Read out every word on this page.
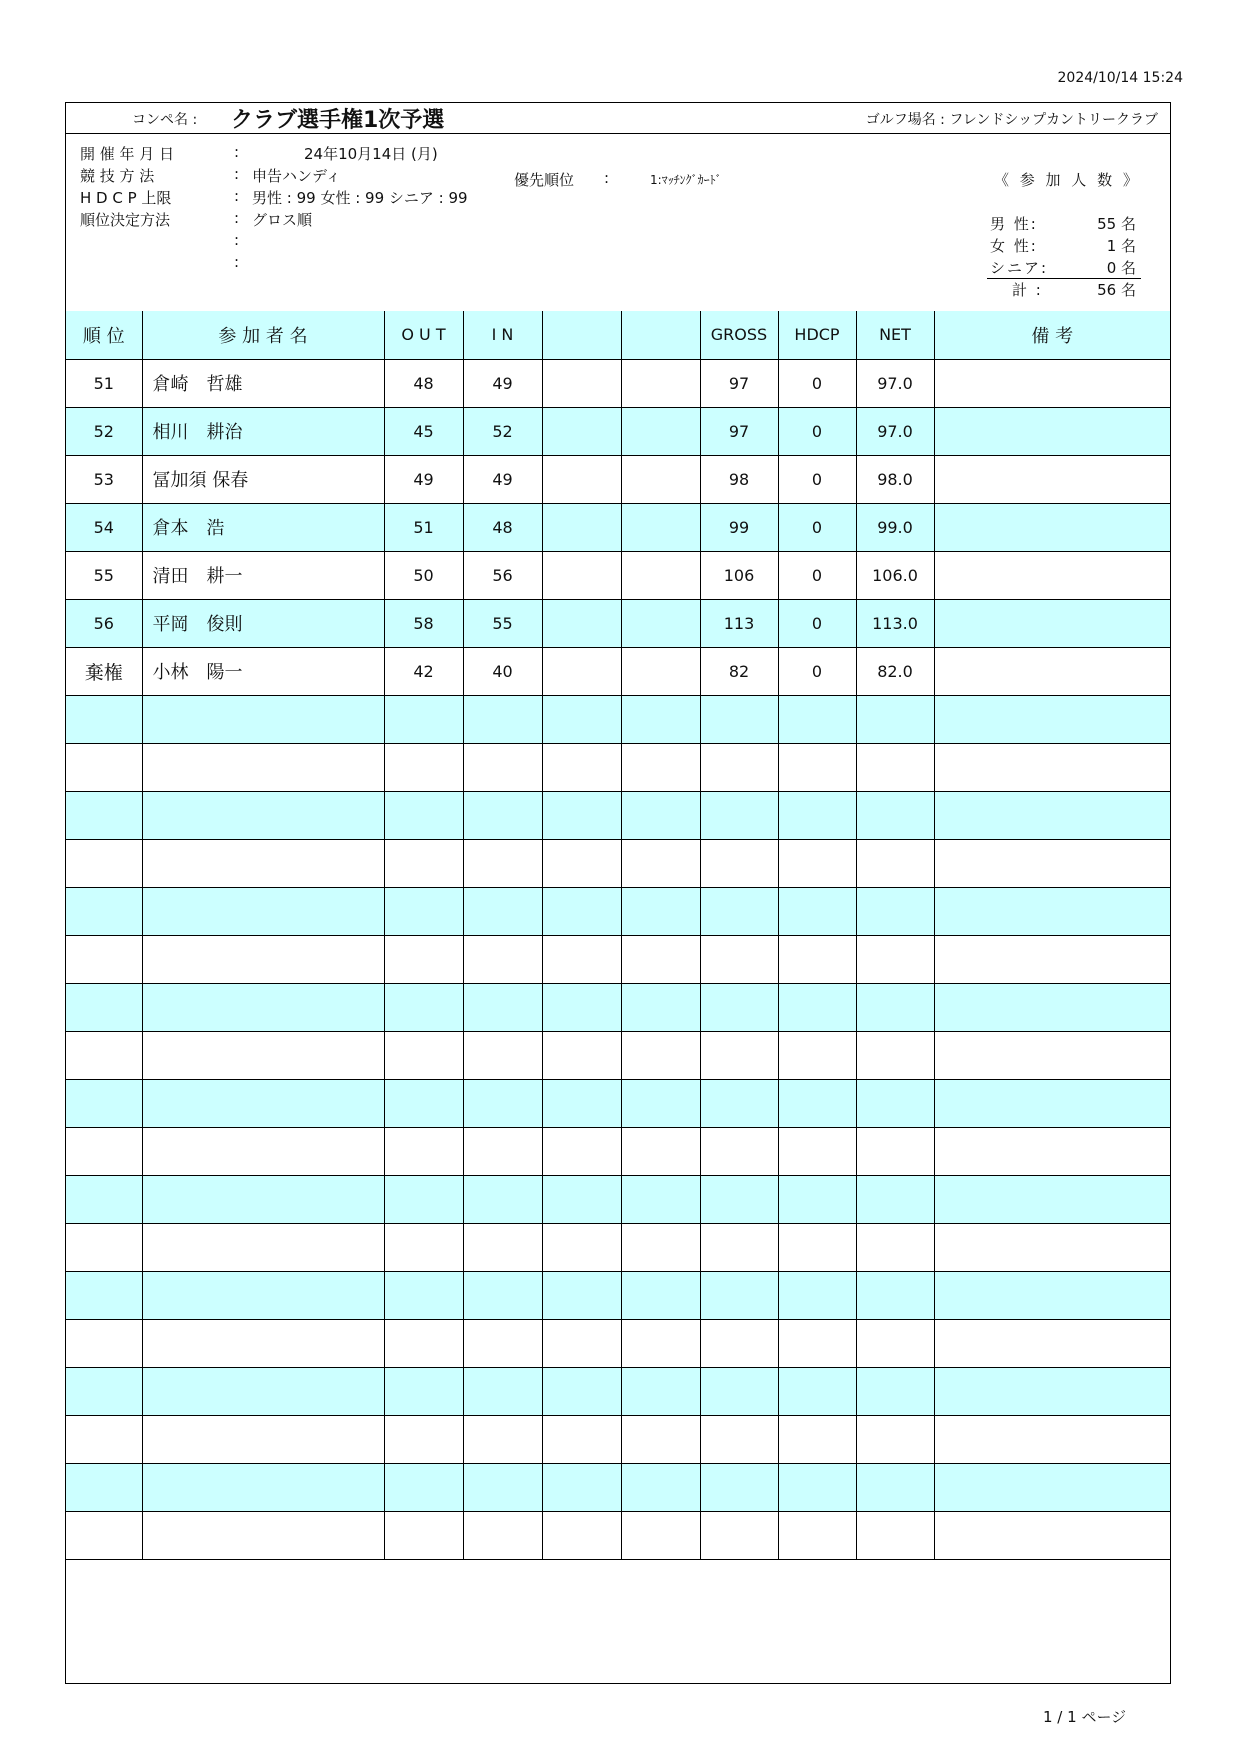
2024/10/14 15:24
コンペ名 : クラブ選手権1次予選	ゴルフ場名 : フレンドシップカントリークラブ
開 催 年 月 日	:	24年10月14日 (月)
競 技 方 法	: 申告ハンディ
H D C P 上限	: 男性 : 99 女性 : 99 シニア : 99
順位決定方法	: グロス順
:
:
優先順位 :	1:ﾏｯﾁﾝｸﾞｶｰﾄﾞ	《 参 加 人 数 》
男 性:	55 名
女 性:	1 名
シニア:	0 名
計 :	56 名
順 位	参 加 者 名	O U T	I N			GROSS	HDCP	NET	備 考
51	倉崎　哲雄	48	49			97	0	97.0	
52	相川　耕治	45	52			97	0	97.0	
53	冨加須 保春	49	49			98	0	98.0	
54	倉本　浩	51	48			99	0	99.0	
55	清田　耕一	50	56			106	0	106.0	
56	平岡　俊則	58	55			113	0	113.0	
棄権	小林　陽一	42	40			82	0	82.0	

1 / 1 ページ
